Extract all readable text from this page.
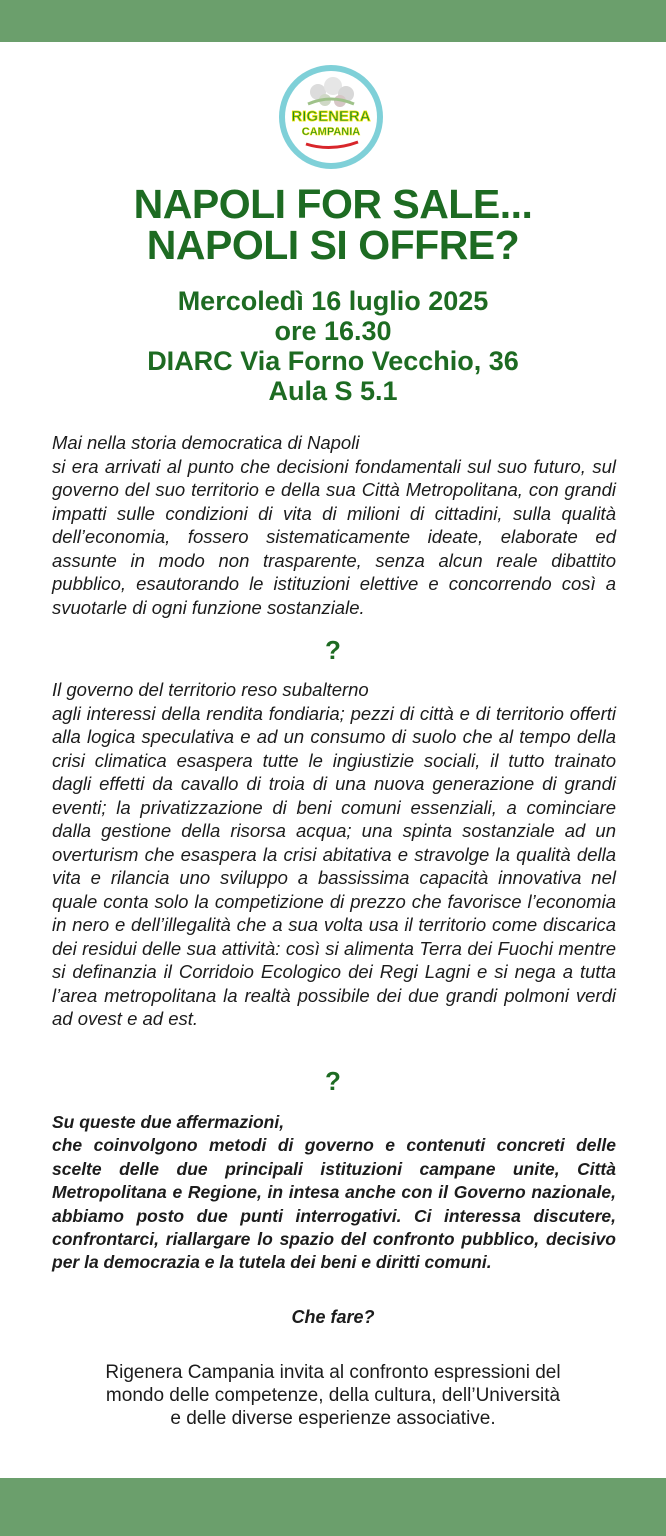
RIGENERA
CAMPANIA
NAPOLI FOR SALE...
NAPOLI SI OFFRE?
Mercoledì 16 luglio 2025
ore 16.30
DIARC Via Forno Vecchio, 36
Aula S 5.1
Mai nella storia democratica di Napoli
si era arrivati al punto che decisioni fondamentali sul suo futuro, sul governo del suo territorio e della sua Città Metropolitana, con grandi impatti sulle condizioni di vita di milioni di cittadini, sulla qualità dell’economia, fossero sistematicamente ideate, elaborate ed assunte in modo non trasparente, senza alcun reale dibattito pubblico, esautorando le istituzioni elettive e concorrendo così a svuotarle di ogni funzione sostanziale.
?
Il governo del territorio reso subalterno
agli interessi della rendita fondiaria; pezzi di città e di territorio offerti alla logica speculativa e ad un consumo di suolo che al tempo della crisi climatica esaspera tutte le ingiustizie sociali, il tutto trainato dagli effetti da cavallo di troia di una nuova generazione di grandi eventi; la privatizzazione di beni comuni essenziali, a cominciare dalla gestione della risorsa acqua; una spinta sostanziale ad un overturism che esaspera la crisi abitativa e stravolge la qualità della vita e rilancia uno sviluppo a bassissima capacità innovativa nel quale conta solo la competizione di prezzo che favorisce l’economia in nero e dell’illegalità che a sua volta usa il territorio come discarica dei residui delle sua attività: così si alimenta Terra dei Fuochi mentre si definanzia il Corridoio Ecologico dei Regi Lagni e si nega a tutta l’area metropolitana la realtà possibile dei due grandi polmoni verdi ad ovest e ad est.
?
Su queste due affermazioni,
che coinvolgono metodi di governo e contenuti concreti delle scelte delle due principali istituzioni campane unite, Città Metropolitana e Regione, in intesa anche con il Governo nazionale, abbiamo posto due punti interrogativi. Ci interessa discutere, confrontarci, riallargare lo spazio del confronto pubblico, decisivo per la democrazia e la tutela dei beni e diritti comuni.
Che fare?
Rigenera Campania invita al confronto espressioni del
mondo delle competenze, della cultura, dell’Università
e delle diverse esperienze associative.
